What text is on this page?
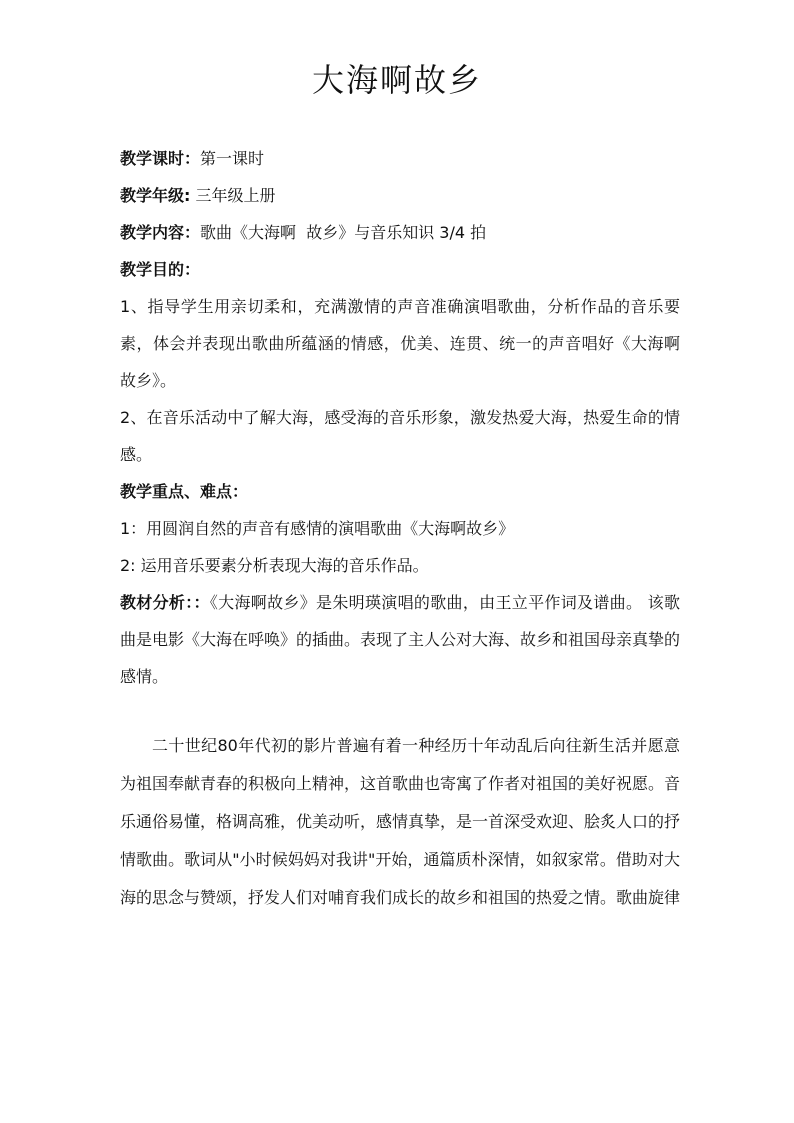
大海啊故乡

教学课时：第一课时

教学年级: 三年级上册

教学内容：歌曲《大海啊  故乡》与音乐知识 3/4 拍

教学目的：

1、指导学生用亲切柔和，充满激情的声音准确演唱歌曲，分析作品的音乐要素，体会并表现出歌曲所蕴涵的情感，优美、连贯、统一的声音唱好《大海啊  故乡》。

2、在音乐活动中了解大海，感受海的音乐形象，激发热爱大海，热爱生命的情感。

教学重点、难点：

1：用圆润自然的声音有感情的演唱歌曲《大海啊故乡》

2: 运用音乐要素分析表现大海的音乐作品。

教材分析：：《大海啊故乡》是朱明瑛演唱的歌曲，由王立平作词及谱曲。 该歌曲是电影《大海在呼唤》的插曲。表现了主人公对大海、故乡和祖国母亲真挚的感情。

二十世纪80年代初的影片普遍有着一种经历十年动乱后向往新生活并愿意为祖国奉献青春的积极向上精神，这首歌曲也寄寓了作者对祖国的美好祝愿。音乐通俗易懂，格调高雅，优美动听，感情真挚，是一首深受欢迎、脍炙人口的抒情歌曲。歌词从"小时候妈妈对我讲"开始，通篇质朴深情，如叙家常。借助对大海的思念与赞颂，抒发人们对哺育我们成长的故乡和祖国的热爱之情。歌曲旋律
